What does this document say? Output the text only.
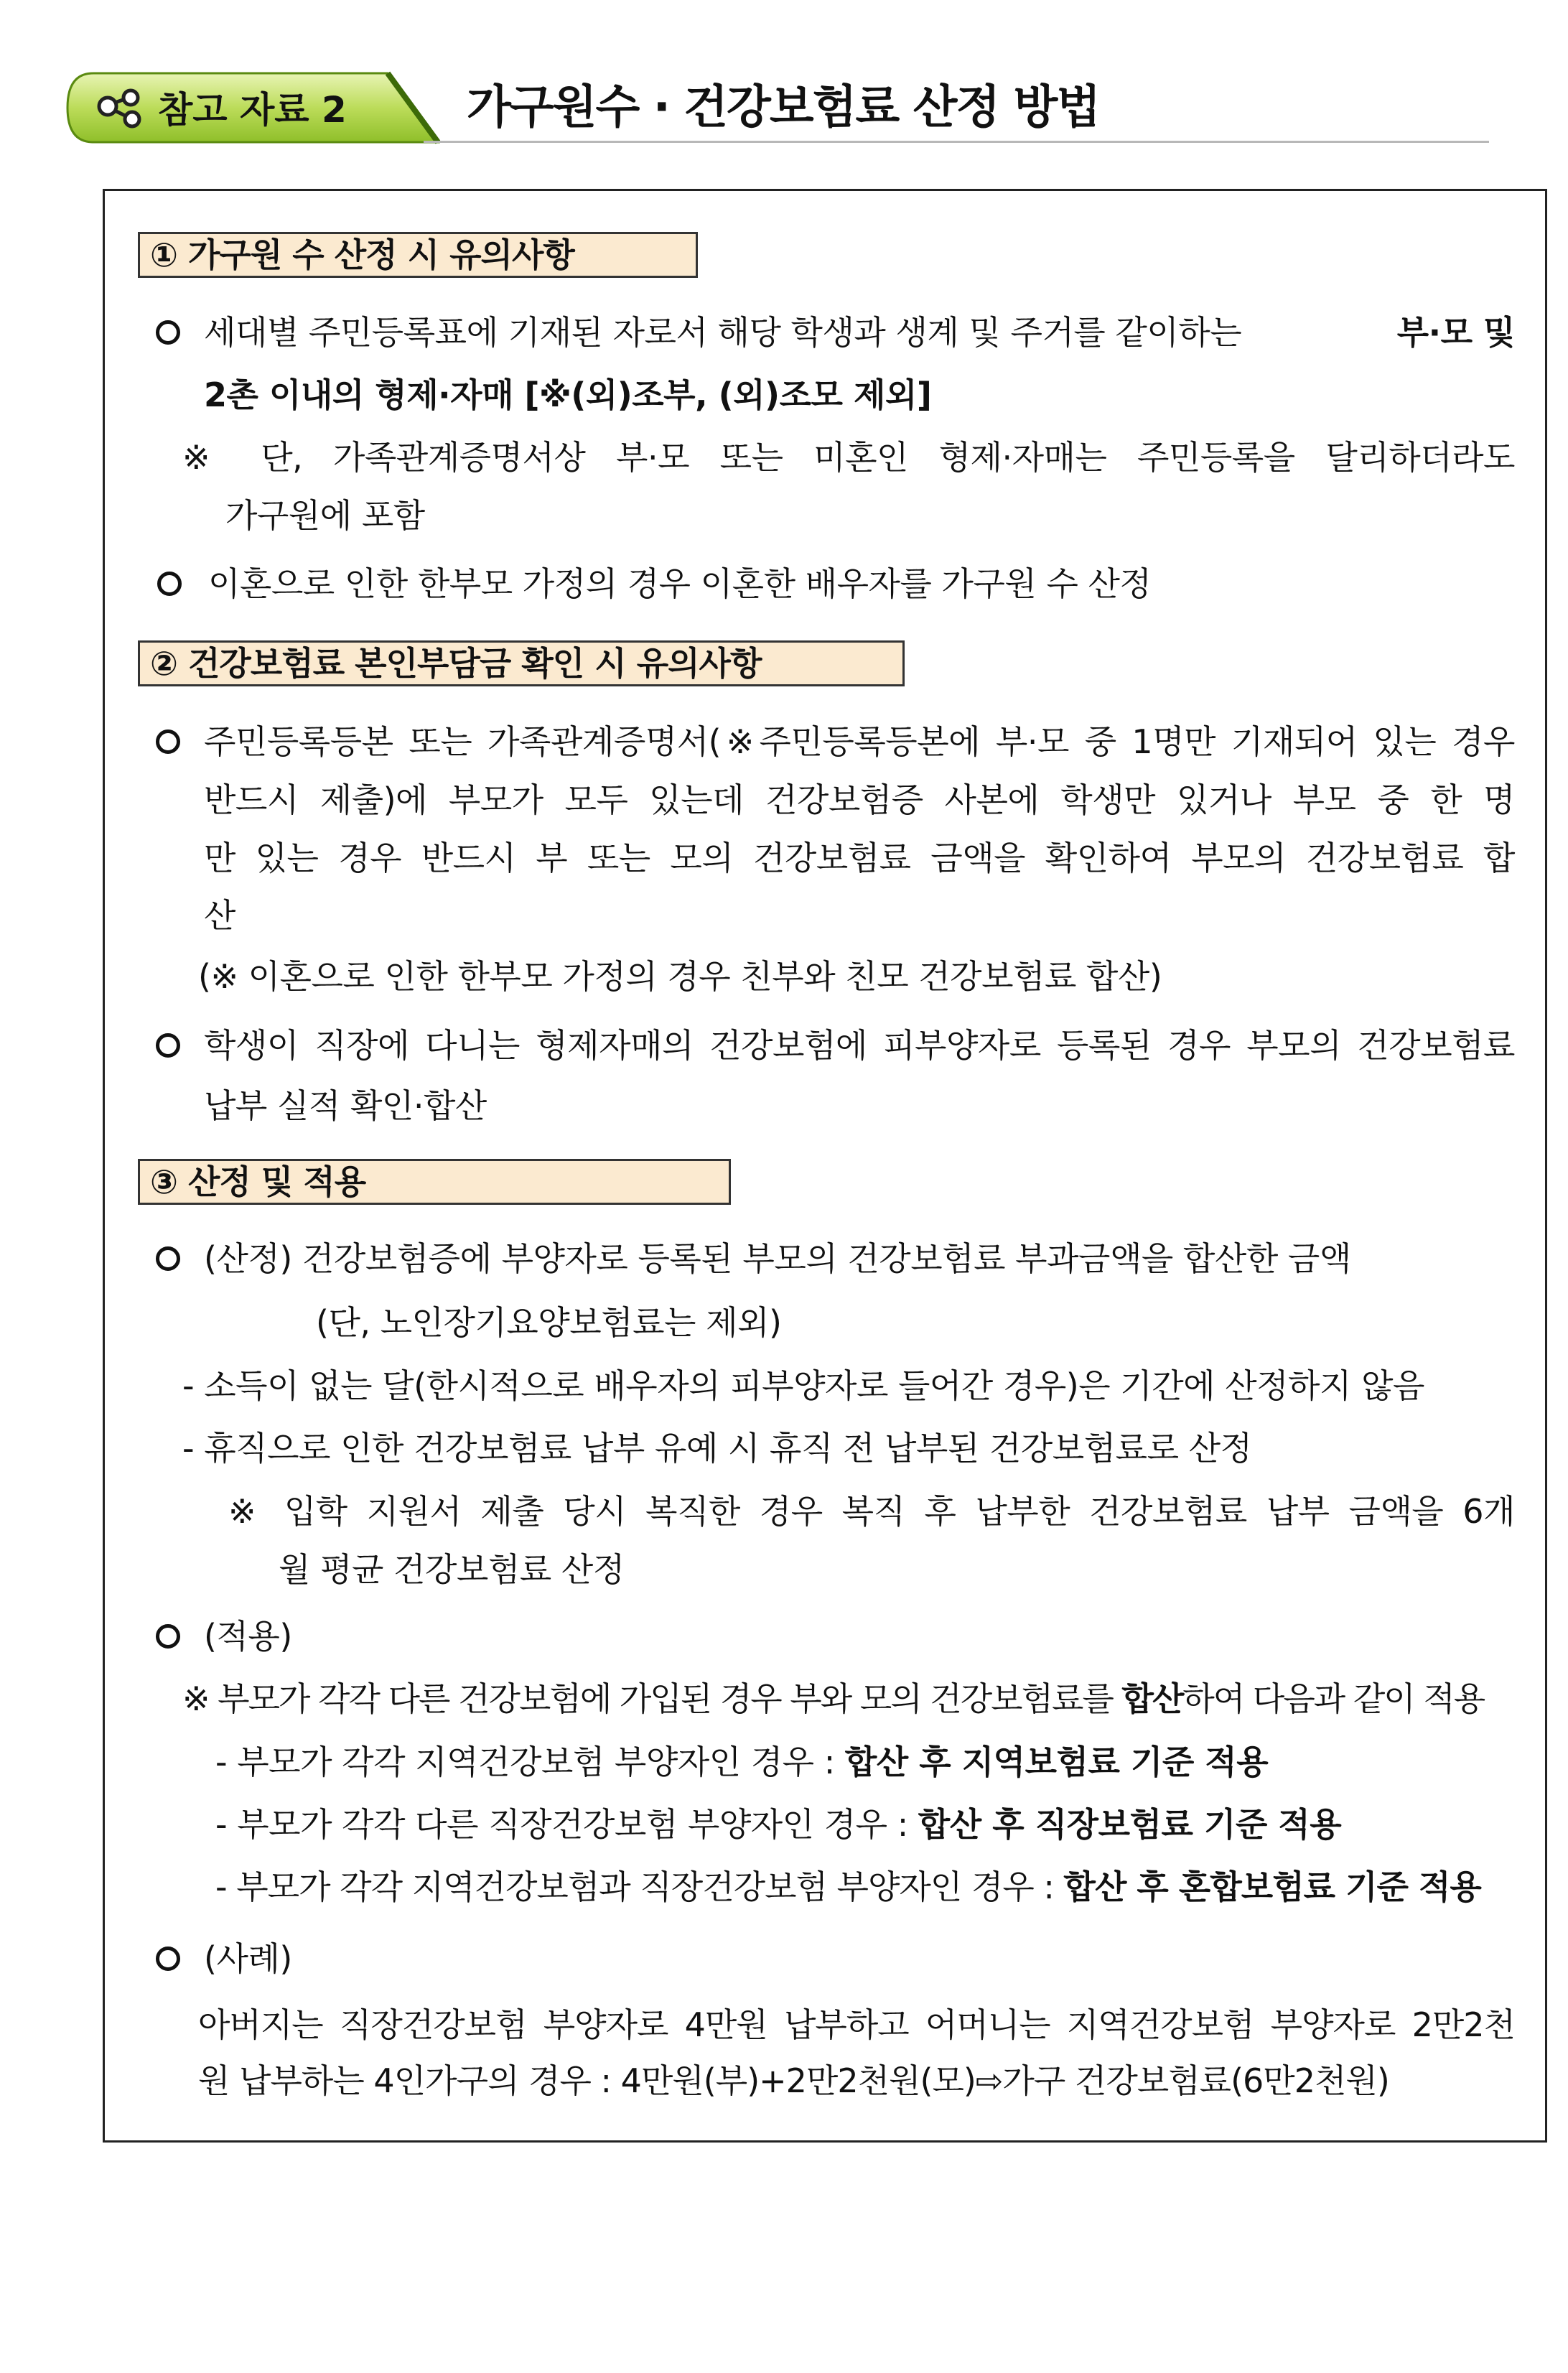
참고 자료 2	가구원수 · 건강보험료 산정 방법
① 가구원 수 산정 시 유의사항
세대별 주민등록표에 기재된 자로서 해당 학생과 생계 및 주거를 같이하는	부·모 및
2촌 이내의 형제·자매 [※(외)조부, (외)조모 제외]
※ 단, 가족관계증명서상 부·모 또는 미혼인 형제·자매는 주민등록을 달리하더라도
가구원에 포함
이혼으로 인한 한부모 가정의 경우 이혼한 배우자를 가구원 수 산정
② 건강보험료 본인부담금 확인 시 유의사항
주민등록등본 또는 가족관계증명서(※주민등록등본에 부·모 중 1명만 기재되어 있는 경우
반드시 제출)에 부모가 모두 있는데 건강보험증 사본에 학생만 있거나 부모 중 한 명
만 있는 경우 반드시 부 또는 모의 건강보험료 금액을 확인하여 부모의 건강보험료 합
산
(※ 이혼으로 인한 한부모 가정의 경우 친부와 친모 건강보험료 합산)
학생이 직장에 다니는 형제자매의 건강보험에 피부양자로 등록된 경우 부모의 건강보험료
납부 실적 확인·합산
③ 산정 및 적용
(산정) 건강보험증에 부양자로 등록된 부모의 건강보험료 부과금액을 합산한 금액
(단, 노인장기요양보험료는 제외)
- 소득이 없는 달(한시적으로 배우자의 피부양자로 들어간 경우)은 기간에 산정하지 않음
- 휴직으로 인한 건강보험료 납부 유예 시 휴직 전 납부된 건강보험료로 산정
※ 입학 지원서 제출 당시 복직한 경우 복직 후 납부한 건강보험료 납부 금액을 6개
월 평균 건강보험료 산정
(적용)
※ 부모가 각각 다른 건강보험에 가입된 경우 부와 모의 건강보험료를 합산하여 다음과 같이 적용
- 부모가 각각 지역건강보험 부양자인 경우 : 합산 후 지역보험료 기준 적용
- 부모가 각각 다른 직장건강보험 부양자인 경우 : 합산 후 직장보험료 기준 적용
- 부모가 각각 지역건강보험과 직장건강보험 부양자인 경우 : 합산 후 혼합보험료 기준 적용
(사례)
아버지는 직장건강보험 부양자로 4만원 납부하고 어머니는 지역건강보험 부양자로 2만2천
원 납부하는 4인가구의 경우 : 4만원(부)+2만2천원(모)⇨가구 건강보험료(6만2천원)
